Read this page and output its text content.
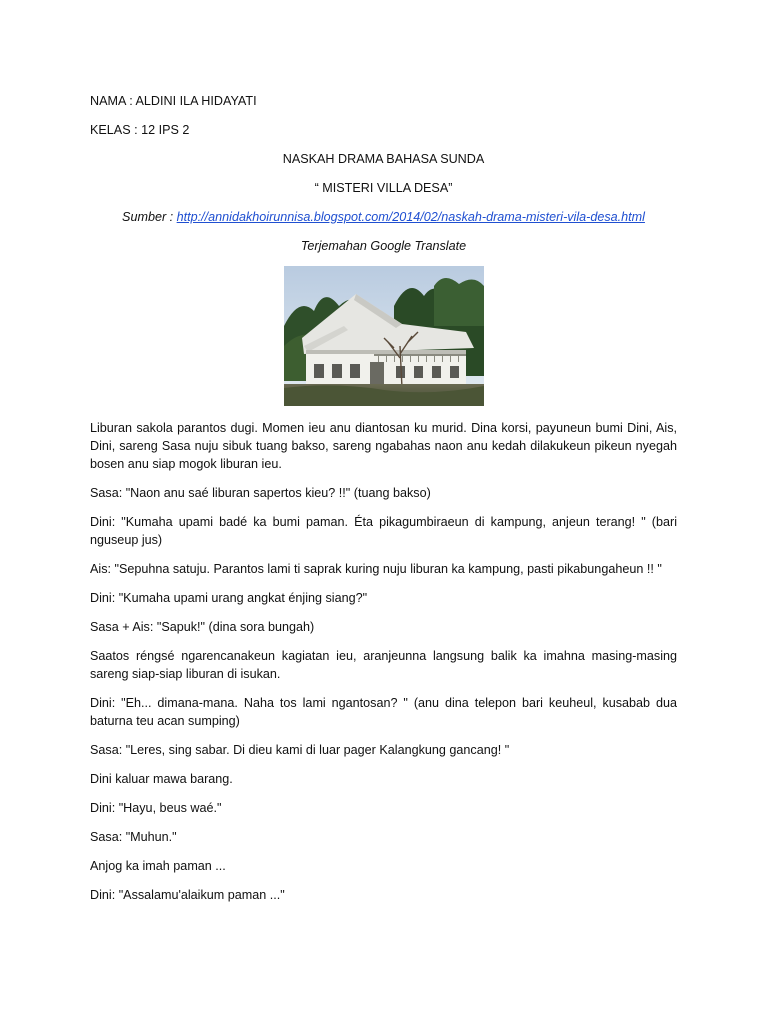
NAMA : ALDINI ILA HIDAYATI
KELAS : 12 IPS 2
NASKAH DRAMA BAHASA SUNDA
“ MISTERI VILLA DESA”
Sumber : http://annidakhoirunnisa.blogspot.com/2014/02/naskah-drama-misteri-vila-desa.html
Terjemahan Google Translate

Liburan sakola parantos dugi. Momen ieu anu diantosan ku murid. Dina korsi, payuneun bumi Dini, Ais, Dini, sareng Sasa nuju sibuk tuang bakso, sareng ngabahas naon anu kedah dilakukeun pikeun nyegah bosen anu siap mogok liburan ieu.

Sasa: "Naon anu saé liburan sapertos kieu? !!" (tuang bakso)

Dini: "Kumaha upami badé ka bumi paman. Éta pikagumbiraeun di kampung, anjeun terang! " (bari nguseup jus)

Ais: "Sepuhna satuju. Parantos lami ti saprak kuring nuju liburan ka kampung, pasti pikabungaheun !! "

Dini: "Kumaha upami urang angkat énjing siang?"

Sasa + Ais: "Sapuk!" (dina sora bungah)

Saatos réngsé ngarencanakeun kagiatan ieu, aranjeunna langsung balik ka imahna masing-masing sareng siap-siap liburan di isukan.

Dini: "Eh... dimana-mana. Naha tos lami ngantosan? " (anu dina telepon bari keuheul, kusabab dua baturna teu acan sumping)

Sasa: "Leres, sing sabar. Di dieu kami di luar pager Kalangkung gancang! "

Dini kaluar mawa barang.

Dini: "Hayu, beus waé."

Sasa: "Muhun."

Anjog ka imah paman ...

Dini: "Assalamu'alaikum paman ..."
